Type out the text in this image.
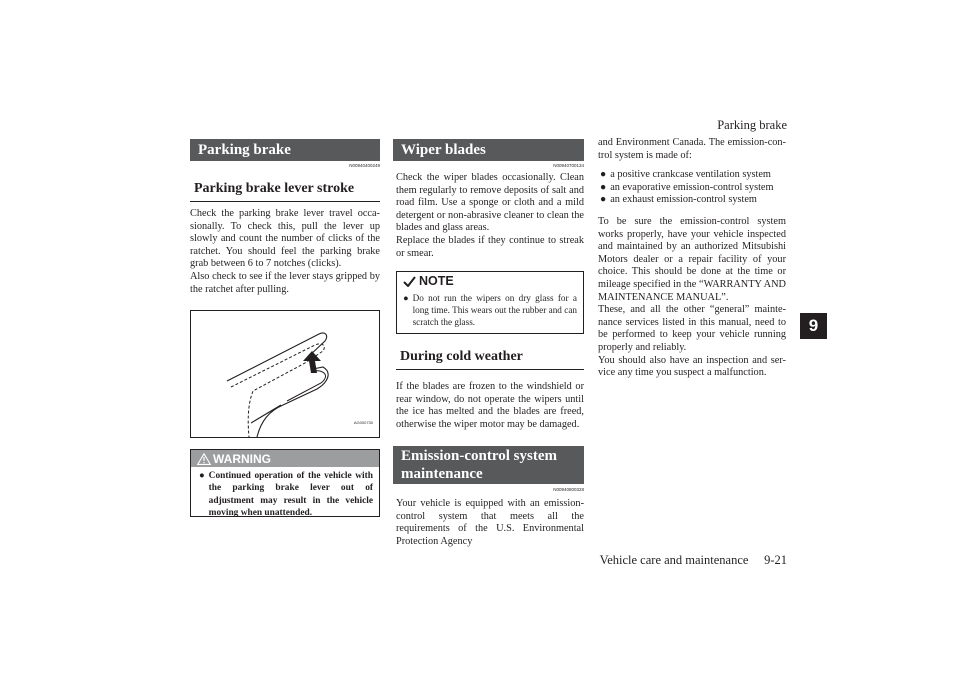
Parking brake
9
Vehicle care and maintenance     9-21
Parking brake
N00940400249
Parking brake lever stroke

Check the parking brake lever travel occa-sionally. To check this, pull the lever up slowly and count the number of clicks of the ratchet. You should feel the parking brake grab between 6 to 7 notches (clicks).

Also check to see if the lever stays gripped by the ratchet after pulling.

AG000730
WARNING
● Continued operation of the vehicle with the parking brake lever out of adjustment may result in the vehicle moving when unattended.
Wiper blades
N00940700134

Check the wiper blades occasionally. Clean them regularly to remove deposits of salt and road film. Use a sponge or cloth and a mild detergent or non-abrasive cleaner to clean the blades and glass areas.

Replace the blades if they continue to streak or smear.

NOTE
● Do not run the wipers on dry glass for a long time. This wears out the rubber and can scratch the glass.
During cold weather

If the blades are frozen to the windshield or rear window, do not operate the wipers until the ice has melted and the blades are freed, otherwise the wiper motor may be damaged.

Emission-control system maintenance
N00940800328

Your vehicle is equipped with an emission-control system that meets all the requirements of the U.S. Environmental Protection Agency

and Environment Canada. The emission-con-trol system is made of:

● a positive crankcase ventilation system
● an evaporative emission-control system
● an exhaust emission-control system

To be sure the emission-control system works properly, have your vehicle inspected and maintained by an authorized Mitsubishi Motors dealer or a repair facility of your choice. This should be done at the time or mileage specified in the “WARRANTY AND MAINTENANCE MANUAL”.

These, and all the other “general” mainte-nance services listed in this manual, need to be performed to keep your vehicle running properly and reliably.

You should also have an inspection and ser-vice any time you suspect a malfunction.
